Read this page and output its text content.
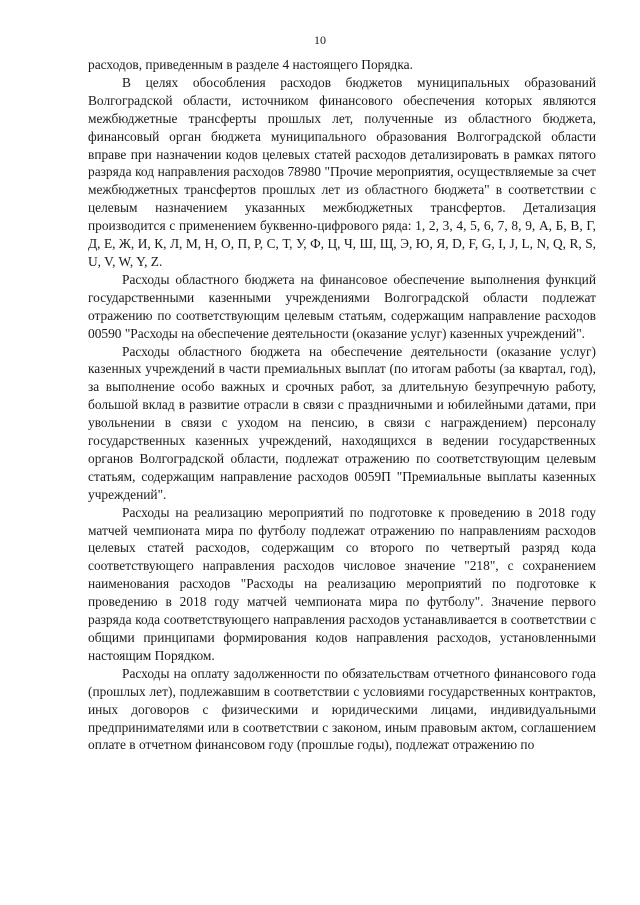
10

расходов, приведенным в разделе 4 настоящего Порядка.

В целях обособления расходов бюджетов муниципальных образований Волгоградской области, источником финансового обеспечения которых являются межбюджетные трансферты прошлых лет, полученные из областного бюджета, финансовый орган бюджета муниципального образования Волгоградской области вправе при назначении кодов целевых статей расходов детализировать в рамках пятого разряда код направления расходов 78980 "Прочие мероприятия, осуществляемые за счет межбюджетных трансфертов прошлых лет из областного бюджета" в соответствии с целевым назначением указанных межбюджетных трансфертов. Детализация производится с применением буквенно-цифрового ряда: 1, 2, 3, 4, 5, 6, 7, 8, 9, А, Б, В, Г, Д, Е, Ж, И, К, Л, М, Н, О, П, Р, С, Т, У, Ф, Ц, Ч, Ш, Щ, Э, Ю, Я, D, F, G, I, J, L, N, Q, R, S, U, V, W, Y, Z.

Расходы областного бюджета на финансовое обеспечение выполнения функций государственными казенными учреждениями Волгоградской области подлежат отражению по соответствующим целевым статьям, содержащим направление расходов 00590 "Расходы на обеспечение деятельности (оказание услуг) казенных учреждений".

Расходы областного бюджета на обеспечение деятельности (оказание услуг) казенных учреждений в части премиальных выплат (по итогам работы (за квартал, год), за выполнение особо важных и срочных работ, за длительную безупречную работу, большой вклад в развитие отрасли в связи с праздничными и юбилейными датами, при увольнении в связи с уходом на пенсию, в связи с награждением) персоналу государственных казенных учреждений, находящихся в ведении государственных органов Волгоградской области, подлежат отражению по соответствующим целевым статьям, содержащим направление расходов 0059П "Премиальные выплаты казенных учреждений".

Расходы на реализацию мероприятий по подготовке к проведению в 2018 году матчей чемпионата мира по футболу подлежат отражению по направлениям расходов целевых статей расходов, содержащим со второго по четвертый разряд кода соответствующего направления расходов числовое значение "218", с сохранением наименования расходов "Расходы на реализацию мероприятий по подготовке к проведению в 2018 году матчей чемпионата мира по футболу". Значение первого разряда кода соответствующего направления расходов устанавливается в соответствии с общими принципами формирования кодов направления расходов, установленными настоящим Порядком.

Расходы на оплату задолженности по обязательствам отчетного финансового года (прошлых лет), подлежавшим в соответствии с условиями государственных контрактов, иных договоров с физическими и юридическими лицами, индивидуальными предпринимателями или в соответствии с законом, иным правовым актом, соглашением оплате в отчетном финансовом году (прошлые годы), подлежат отражению по
